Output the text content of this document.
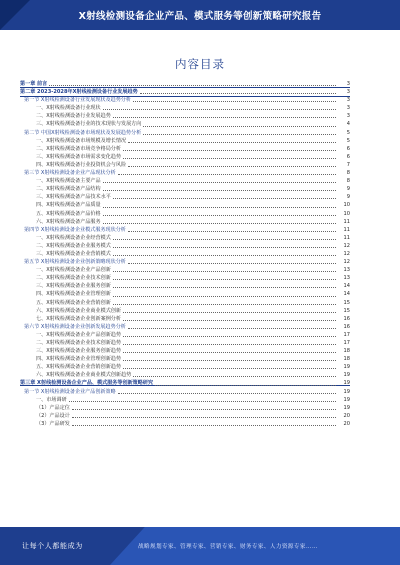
X射线检测设备企业产品、模式服务等创新策略研究报告
内容目录
第一章 前言	3
第二章 2023-2028年X射线检测设备行业发展趋势	3
第一节 X射线检测设备行业发展现状及趋势分析	3
一、X射线检测设备行业现状	3
二、X射线检测设备行业发展趋势	3
三、X射线检测设备行业的技术现状与发展方向	4
第二节 中国X射线检测设备市场现状及发展趋势分析	5
一、X射线检测设备市场规模及增长情况	5
二、X射线检测设备市场竞争格局分析	6
三、X射线检测设备市场需求变化趋势	6
四、X射线检测设备行业投资机会与风险	7
第三节 X射线检测设备企业产品现状分析	8
一、X射线检测设备主要产品	8
二、X射线检测设备产品结构	9
三、X射线检测设备产品技术水平	9
四、X射线检测设备产品质量	10
五、X射线检测设备产品价格	10
六、X射线检测设备产品服务	11
第四节 X射线检测设备企业模式服务现状分析	11
一、X射线检测设备企业经营模式	11
二、X射线检测设备企业服务模式	12
三、X射线检测设备企业营销模式	12
第五节 X射线检测设备企业创新策略现状分析	12
一、X射线检测设备企业产品创新	13
二、X射线检测设备企业技术创新	13
三、X射线检测设备企业服务创新	14
四、X射线检测设备企业管理创新	14
五、X射线检测设备企业营销创新	15
六、X射线检测设备企业商业模式创新	15
七、X射线检测设备企业创新案例分析	16
第六节 X射线检测设备企业创新发展趋势分析	16
一、X射线检测设备企业产品创新趋势	17
二、X射线检测设备企业技术创新趋势	17
三、X射线检测设备企业服务创新趋势	18
四、X射线检测设备企业管理创新趋势	18
五、X射线检测设备企业营销创新趋势	19
六、X射线检测设备企业商业模式创新趋势	19
第三章 X射线检测设备企业产品、模式服务等创新策略研究	19
第一节 X射线检测设备企业产品创新策略	19
一、市场调研	19
（1）产品定位	19
（2）产品设计	20
（3）产品研发	20
让每个人都能成为	战略规划专家、管理专家、营销专家、财务专家、人力资源专家……
